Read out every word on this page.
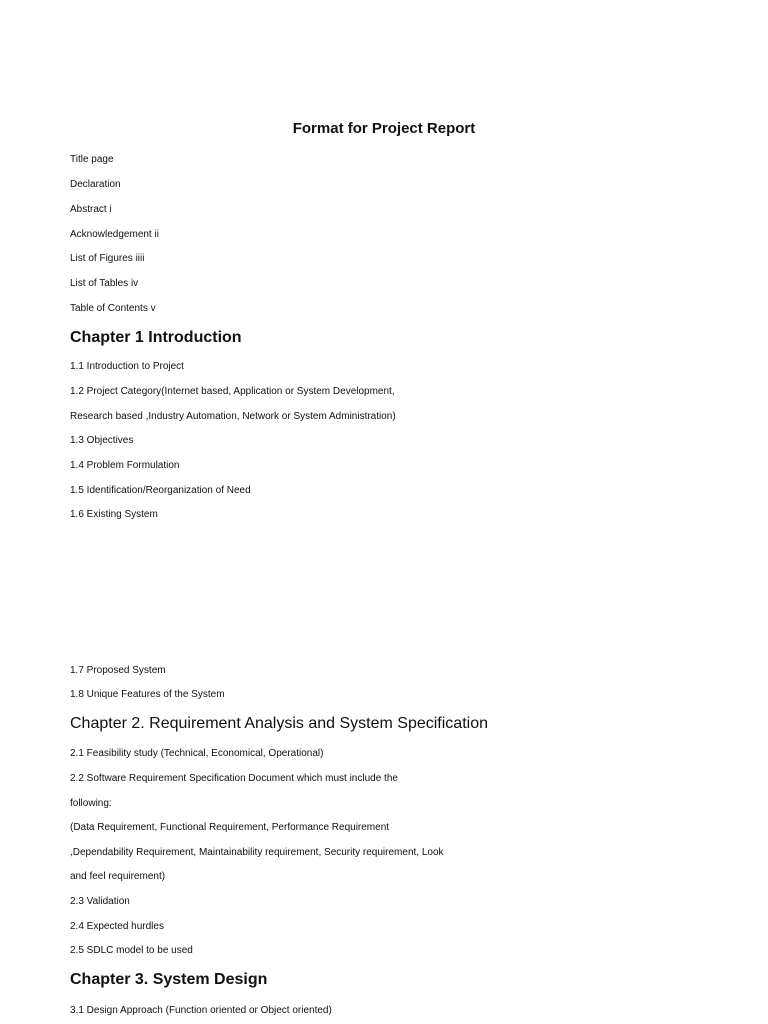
Format for Project Report
Title page
Declaration
Abstract i
Acknowledgement ii
List of Figures iiii
List of Tables iv
Table of Contents v
Chapter 1 Introduction
1.1 Introduction to Project
1.2 Project Category(Internet based, Application or System Development,
Research based ,Industry Automation, Network or System Administration)
1.3 Objectives
1.4 Problem Formulation
1.5 Identification/Reorganization of Need
1.6 Existing System
1.7 Proposed System
1.8 Unique Features of the System
Chapter 2. Requirement Analysis and System Specification
2.1 Feasibility study (Technical, Economical, Operational)
2.2 Software Requirement Specification Document which must include the
following:
(Data Requirement, Functional Requirement, Performance Requirement
,Dependability Requirement, Maintainability requirement, Security requirement, Look
and feel requirement)
2.3 Validation
2.4 Expected hurdles
2.5 SDLC model to be used
Chapter 3. System Design
3.1 Design Approach (Function oriented or Object oriented)
